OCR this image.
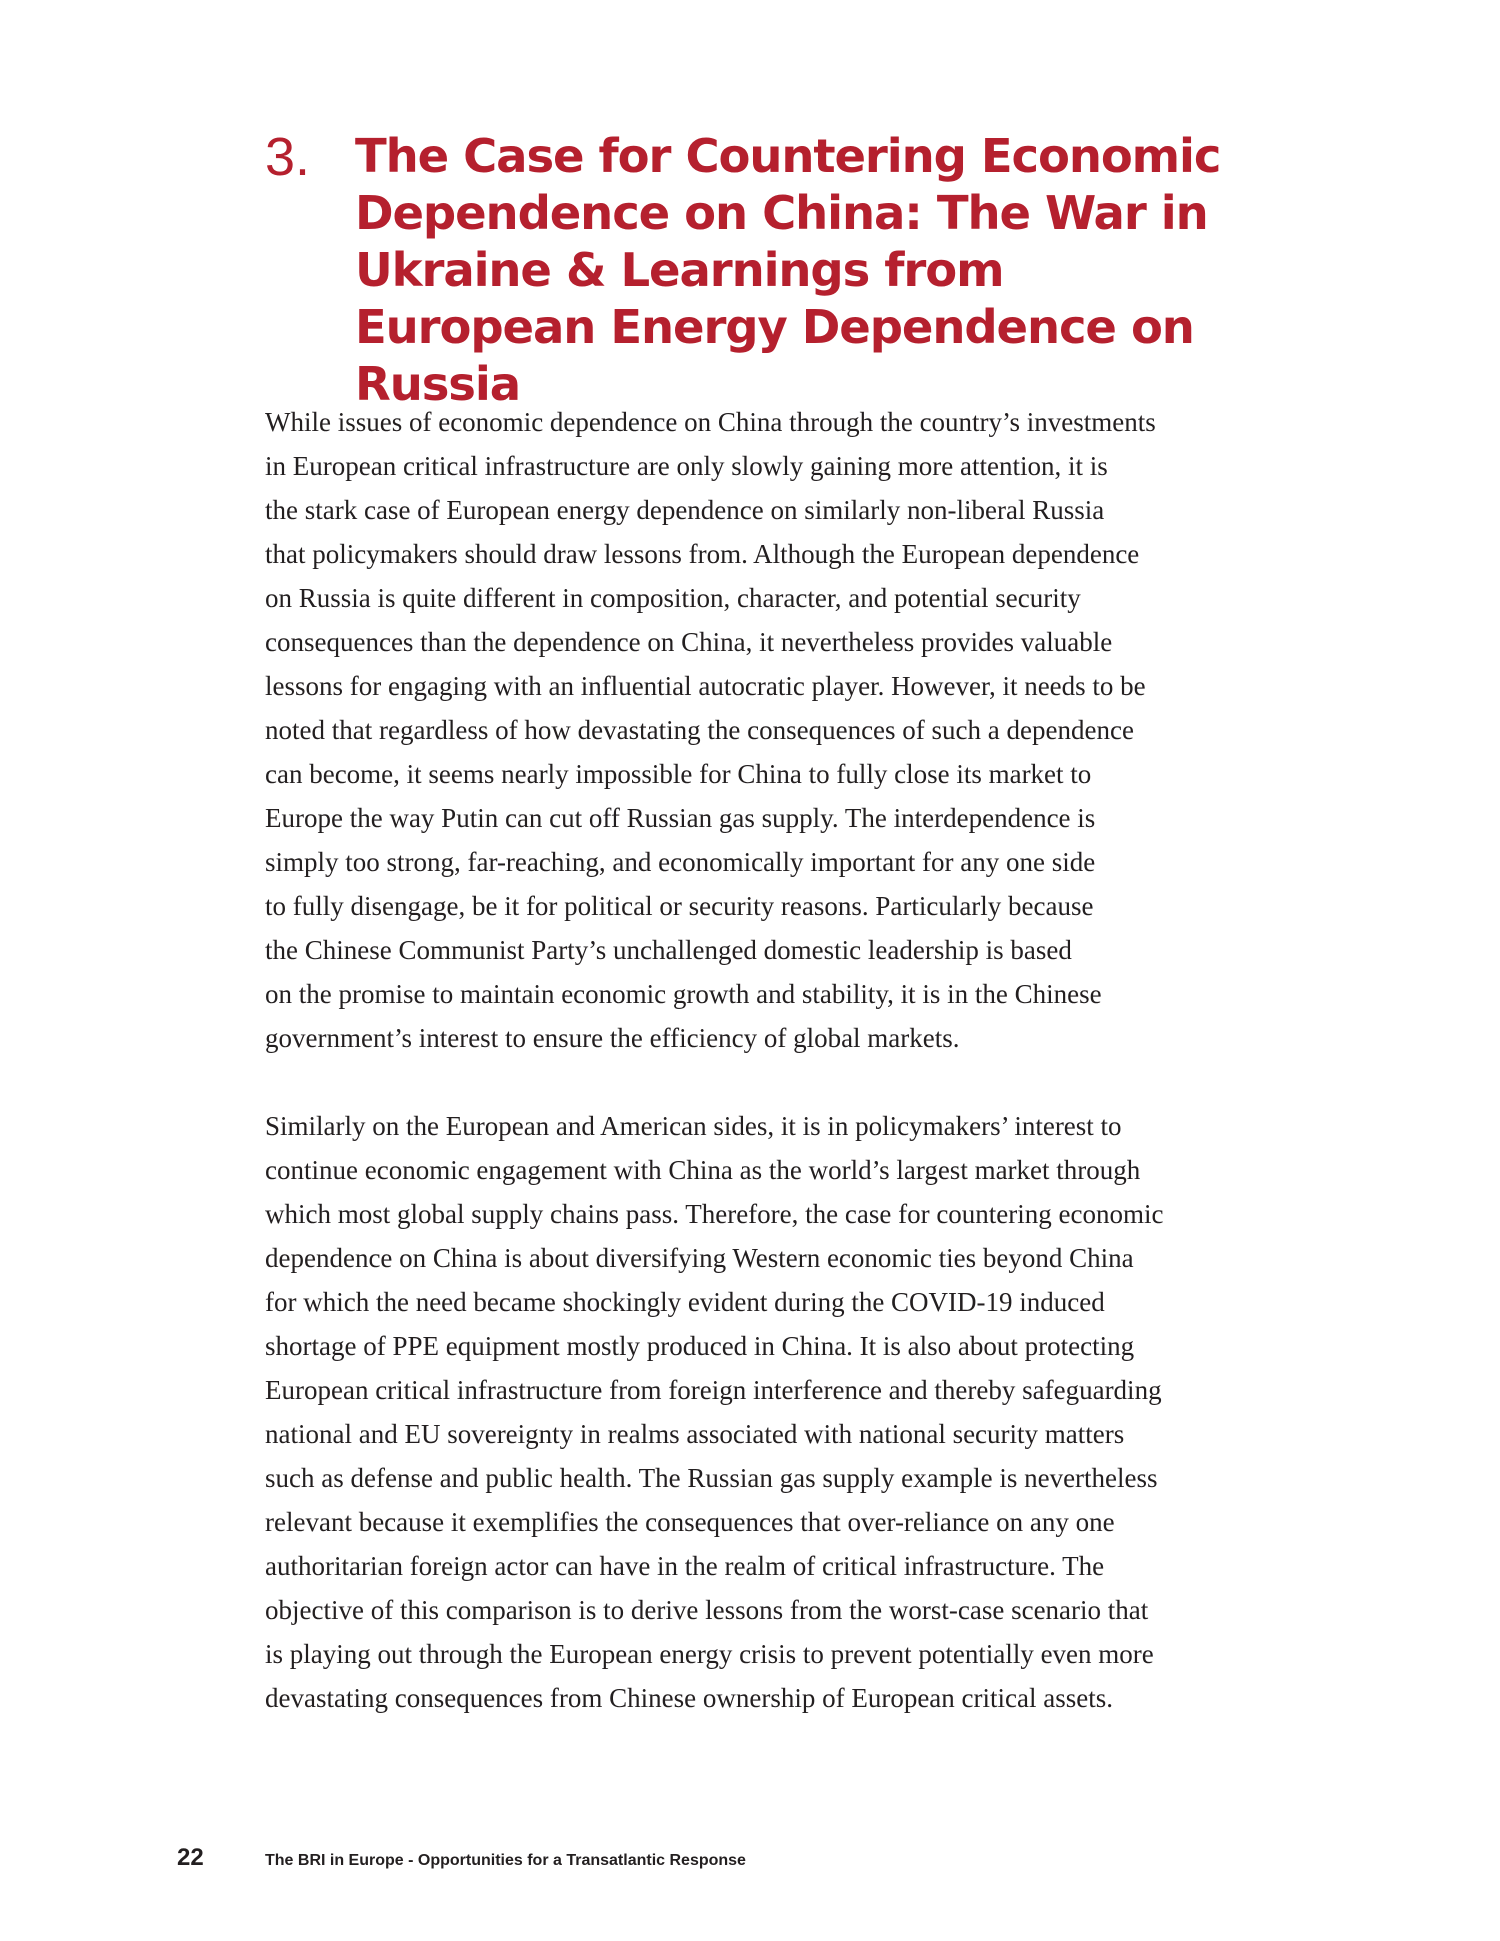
3. The Case for Countering Economic Dependence on China: The War in Ukraine & Learnings from European Energy Dependence on Russia
While issues of economic dependence on China through the country’s investments
in European critical infrastructure are only slowly gaining more attention, it is
the stark case of European energy dependence on similarly non-liberal Russia
that policymakers should draw lessons from. Although the European dependence
on Russia is quite different in composition, character, and potential security
consequences than the dependence on China, it nevertheless provides valuable
lessons for engaging with an influential autocratic player. However, it needs to be
noted that regardless of how devastating the consequences of such a dependence
can become, it seems nearly impossible for China to fully close its market to
Europe the way Putin can cut off Russian gas supply. The interdependence is
simply too strong, far-reaching, and economically important for any one side
to fully disengage, be it for political or security reasons. Particularly because
the Chinese Communist Party’s unchallenged domestic leadership is based
on the promise to maintain economic growth and stability, it is in the Chinese
government’s interest to ensure the efficiency of global markets.
Similarly on the European and American sides, it is in policymakers’ interest to
continue economic engagement with China as the world’s largest market through
which most global supply chains pass. Therefore, the case for countering economic
dependence on China is about diversifying Western economic ties beyond China
for which the need became shockingly evident during the COVID-19 induced
shortage of PPE equipment mostly produced in China. It is also about protecting
European critical infrastructure from foreign interference and thereby safeguarding
national and EU sovereignty in realms associated with national security matters
such as defense and public health. The Russian gas supply example is nevertheless
relevant because it exemplifies the consequences that over-reliance on any one
authoritarian foreign actor can have in the realm of critical infrastructure. The
objective of this comparison is to derive lessons from the worst-case scenario that
is playing out through the European energy crisis to prevent potentially even more
devastating consequences from Chinese ownership of European critical assets.
22	The BRI in Europe - Opportunities for a Transatlantic Response
